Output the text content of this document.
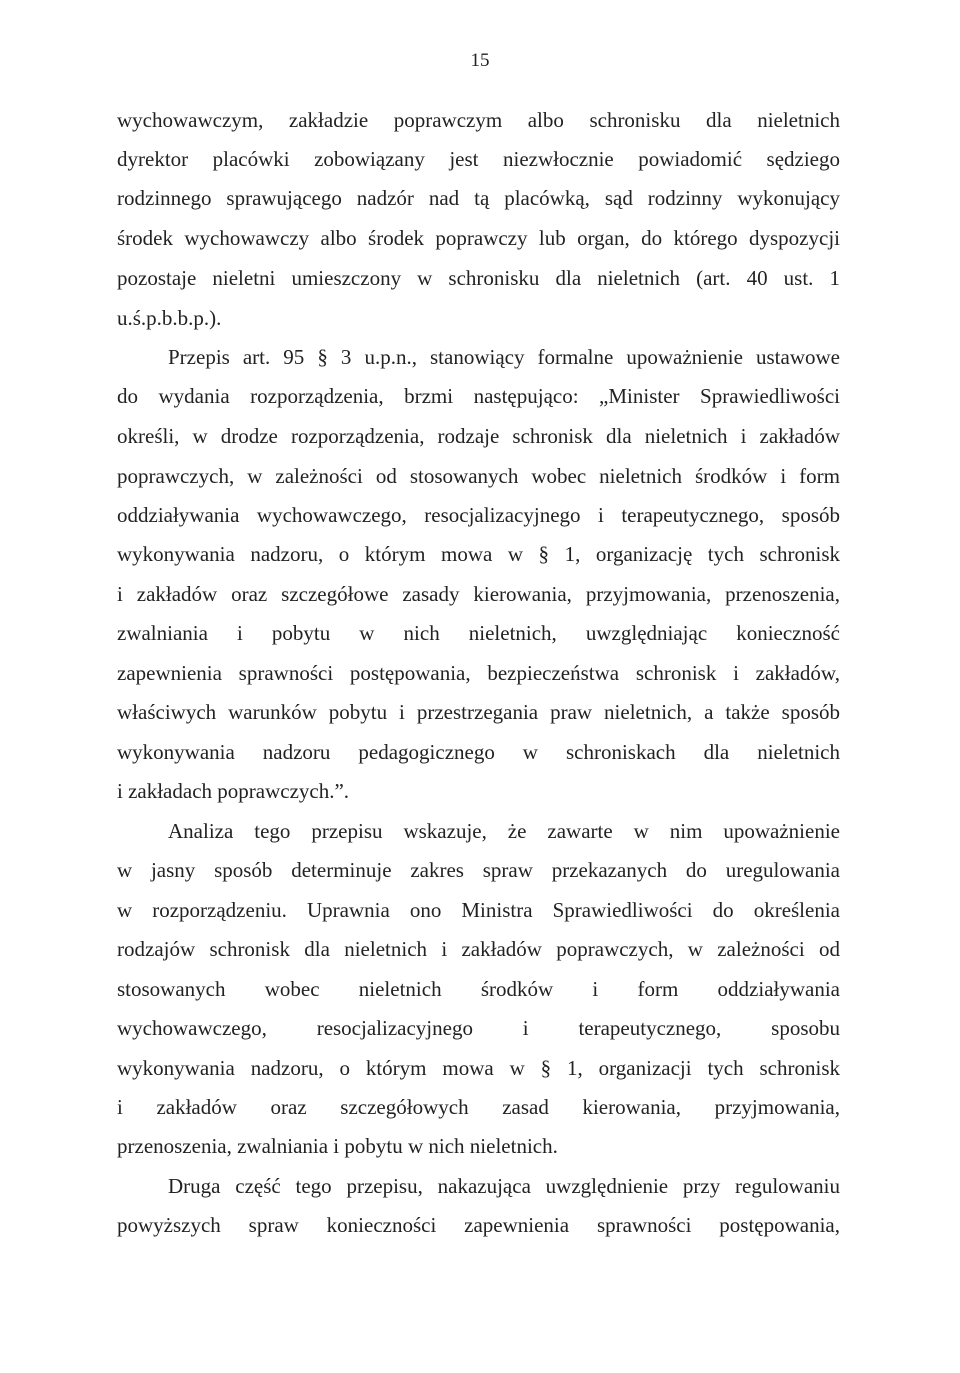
15
wychowawczym, zakładzie poprawczym albo schronisku dla nieletnich
dyrektor placówki zobowiązany jest niezwłocznie powiadomić sędziego
rodzinnego sprawującego nadzór nad tą placówką, sąd rodzinny wykonujący
środek wychowawczy albo środek poprawczy lub organ, do którego dyspozycji
pozostaje nieletni umieszczony w schronisku dla nieletnich (art. 40 ust. 1
u.ś.p.b.b.p.).
Przepis art. 95 § 3 u.p.n., stanowiący formalne upoważnienie ustawowe
do wydania rozporządzenia, brzmi następująco: „Minister Sprawiedliwości
określi, w drodze rozporządzenia, rodzaje schronisk dla nieletnich i zakładów
poprawczych, w zależności od stosowanych wobec nieletnich środków i form
oddziaływania wychowawczego, resocjalizacyjnego i terapeutycznego, sposób
wykonywania nadzoru, o którym mowa w § 1, organizację tych schronisk
i zakładów oraz szczegółowe zasady kierowania, przyjmowania, przenoszenia,
zwalniania i pobytu w nich nieletnich, uwzględniając konieczność
zapewnienia sprawności postępowania, bezpieczeństwa schronisk i zakładów,
właściwych warunków pobytu i przestrzegania praw nieletnich, a także sposób
wykonywania nadzoru pedagogicznego w schroniskach dla nieletnich
i zakładach poprawczych.”.
Analiza tego przepisu wskazuje, że zawarte w nim upoważnienie
w jasny sposób determinuje zakres spraw przekazanych do uregulowania
w rozporządzeniu. Uprawnia ono Ministra Sprawiedliwości do określenia
rodzajów schronisk dla nieletnich i zakładów poprawczych, w zależności od
stosowanych wobec nieletnich środków i form oddziaływania
wychowawczego, resocjalizacyjnego i terapeutycznego, sposobu
wykonywania nadzoru, o którym mowa w § 1, organizacji tych schronisk
i zakładów oraz szczegółowych zasad kierowania, przyjmowania,
przenoszenia, zwalniania i pobytu w nich nieletnich.
Druga część tego przepisu, nakazująca uwzględnienie przy regulowaniu
powyższych spraw konieczności zapewnienia sprawności postępowania,
